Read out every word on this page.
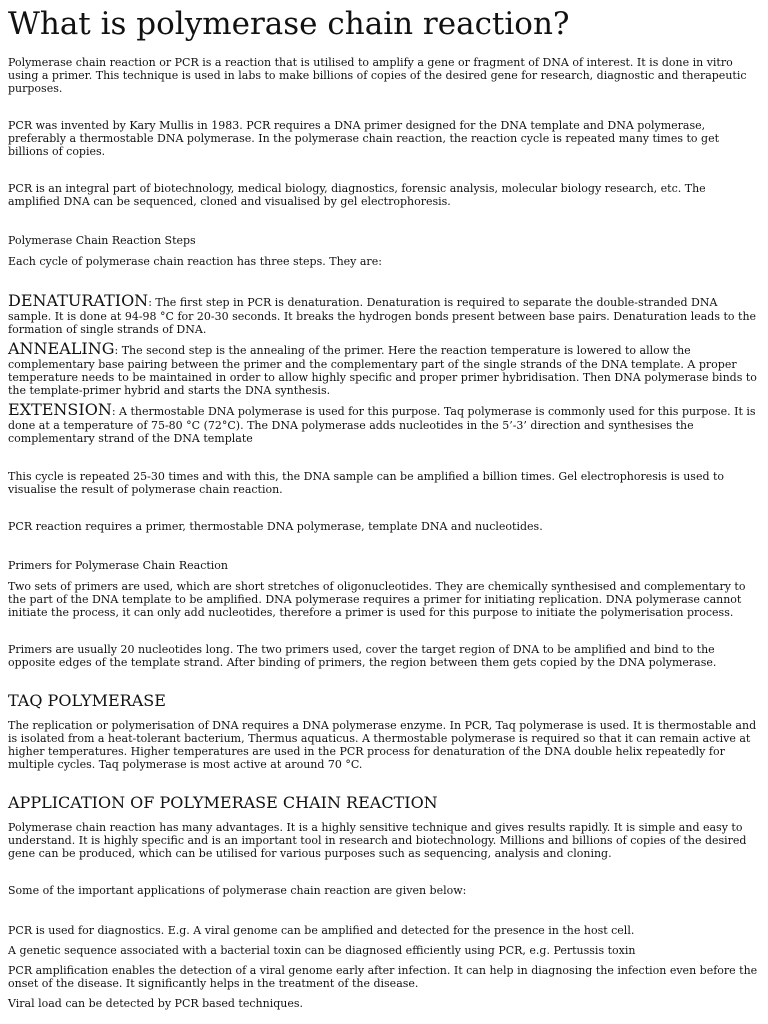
What is polymerase chain reaction?

Polymerase chain reaction or PCR is a reaction that is utilised to amplify a gene or fragment of DNA of interest. It is done in vitro using a primer. This technique is used in labs to make billions of copies of the desired gene for research, diagnostic and therapeutic purposes.

PCR was invented by Kary Mullis in 1983. PCR requires a DNA primer designed for the DNA template and DNA polymerase, preferably a thermostable DNA polymerase. In the polymerase chain reaction, the reaction cycle is repeated many times to get billions of copies.

PCR is an integral part of biotechnology, medical biology, diagnostics, forensic analysis, molecular biology research, etc. The amplified DNA can be sequenced, cloned and visualised by gel electrophoresis.

Polymerase Chain Reaction Steps

Each cycle of polymerase chain reaction has three steps. They are:

DENATURATION: The first step in PCR is denaturation. Denaturation is required to separate the double-stranded DNA sample. It is done at 94-98 °C for 20-30 seconds. It breaks the hydrogen bonds present between base pairs. Denaturation leads to the formation of single strands of DNA.

ANNEALING: The second step is the annealing of the primer. Here the reaction temperature is lowered to allow the complementary base pairing between the primer and the complementary part of the single strands of the DNA template. A proper temperature needs to be maintained in order to allow highly specific and proper primer hybridisation. Then DNA polymerase binds to the template-primer hybrid and starts the DNA synthesis.

EXTENSION: A thermostable DNA polymerase is used for this purpose. Taq polymerase is commonly used for this purpose. It is done at a temperature of 75-80 °C (72°C). The DNA polymerase adds nucleotides in the 5’-3’ direction and synthesises the complementary strand of the DNA template

This cycle is repeated 25-30 times and with this, the DNA sample can be amplified a billion times. Gel electrophoresis is used to visualise the result of polymerase chain reaction.

PCR reaction requires a primer, thermostable DNA polymerase, template DNA and nucleotides.

Primers for Polymerase Chain Reaction

Two sets of primers are used, which are short stretches of oligonucleotides. They are chemically synthesised and complementary to the part of the DNA template to be amplified. DNA polymerase requires a primer for initiating replication. DNA polymerase cannot initiate the process, it can only add nucleotides, therefore a primer is used for this purpose to initiate the polymerisation process.

Primers are usually 20 nucleotides long. The two primers used, cover the target region of DNA to be amplified and bind to the opposite edges of the template strand. After binding of primers, the region between them gets copied by the DNA polymerase.

TAQ POLYMERASE

The replication or polymerisation of DNA requires a DNA polymerase enzyme. In PCR, Taq polymerase is used. It is thermostable and is isolated from a heat-tolerant bacterium, Thermus aquaticus. A thermostable polymerase is required so that it can remain active at higher temperatures. Higher temperatures are used in the PCR process for denaturation of the DNA double helix repeatedly for multiple cycles. Taq polymerase is most active at around 70 °C.

APPLICATION OF POLYMERASE CHAIN REACTION

Polymerase chain reaction has many advantages. It is a highly sensitive technique and gives results rapidly. It is simple and easy to understand. It is highly specific and is an important tool in research and biotechnology. Millions and billions of copies of the desired gene can be produced, which can be utilised for various purposes such as sequencing, analysis and cloning.

Some of the important applications of polymerase chain reaction are given below:

PCR is used for diagnostics. E.g. A viral genome can be amplified and detected for the presence in the host cell.

A genetic sequence associated with a bacterial toxin can be diagnosed efficiently using PCR, e.g. Pertussis toxin

PCR amplification enables the detection of a viral genome early after infection. It can help in diagnosing the infection even before the onset of the disease. It significantly helps in the treatment of the disease.

Viral load can be detected by PCR based techniques.
